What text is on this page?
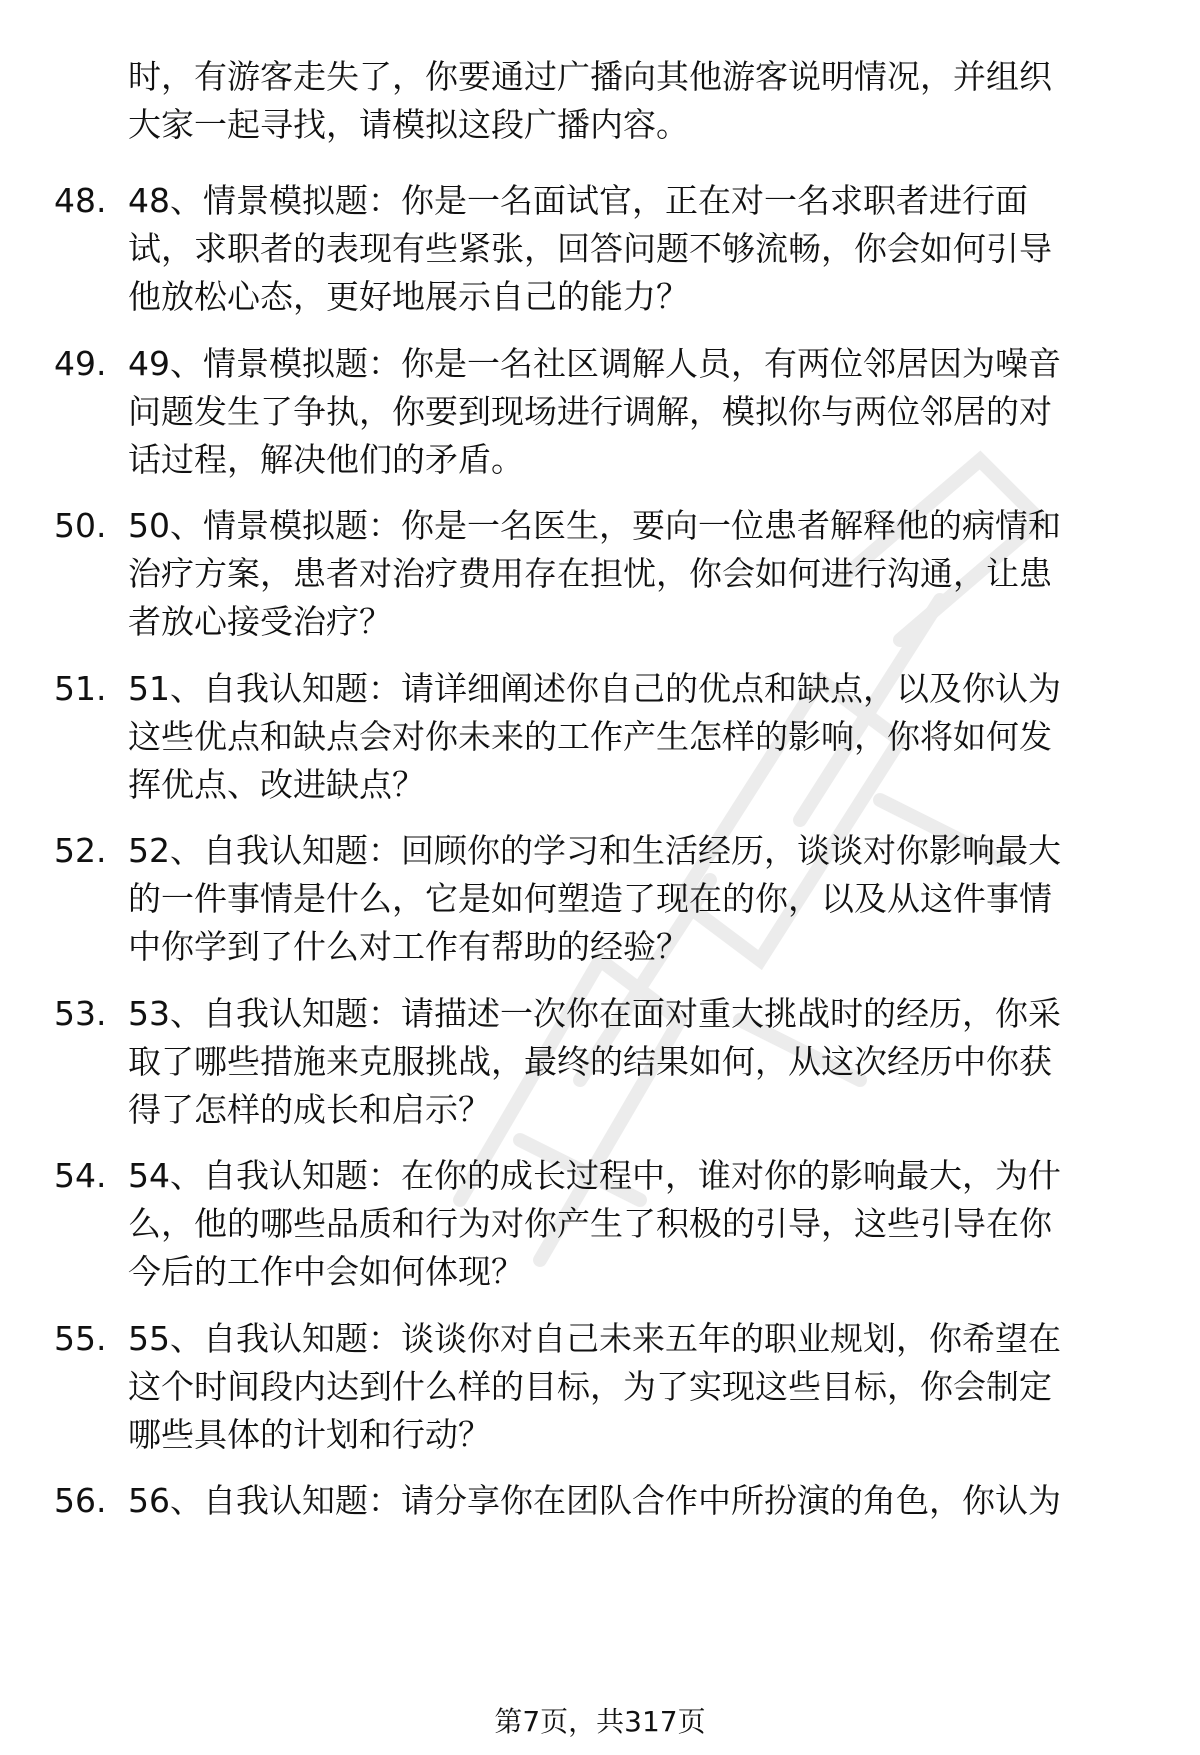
时，有游客走失了，你要通过广播向其他游客说明情况，并组织
大家一起寻找，请模拟这段广播内容。
48. 48、情景模拟题：你是一名面试官，正在对一名求职者进行面
试，求职者的表现有些紧张，回答问题不够流畅，你会如何引导
他放松心态，更好地展示自己的能力？
49. 49、情景模拟题：你是一名社区调解人员，有两位邻居因为噪音
问题发生了争执，你要到现场进行调解，模拟你与两位邻居的对
话过程，解决他们的矛盾。
50. 50、情景模拟题：你是一名医生，要向一位患者解释他的病情和
治疗方案，患者对治疗费用存在担忧，你会如何进行沟通，让患
者放心接受治疗？
51. 51、自我认知题：请详细阐述你自己的优点和缺点，以及你认为
这些优点和缺点会对你未来的工作产生怎样的影响，你将如何发
挥优点、改进缺点？
52. 52、自我认知题：回顾你的学习和生活经历，谈谈对你影响最大
的一件事情是什么，它是如何塑造了现在的你，以及从这件事情
中你学到了什么对工作有帮助的经验？
53. 53、自我认知题：请描述一次你在面对重大挑战时的经历，你采
取了哪些措施来克服挑战，最终的结果如何，从这次经历中你获
得了怎样的成长和启示？
54. 54、自我认知题：在你的成长过程中，谁对你的影响最大，为什
么，他的哪些品质和行为对你产生了积极的引导，这些引导在你
今后的工作中会如何体现？
55. 55、自我认知题：谈谈你对自己未来五年的职业规划，你希望在
这个时间段内达到什么样的目标，为了实现这些目标，你会制定
哪些具体的计划和行动？
56. 56、自我认知题：请分享你在团队合作中所扮演的角色，你认为
第7页，共317页
